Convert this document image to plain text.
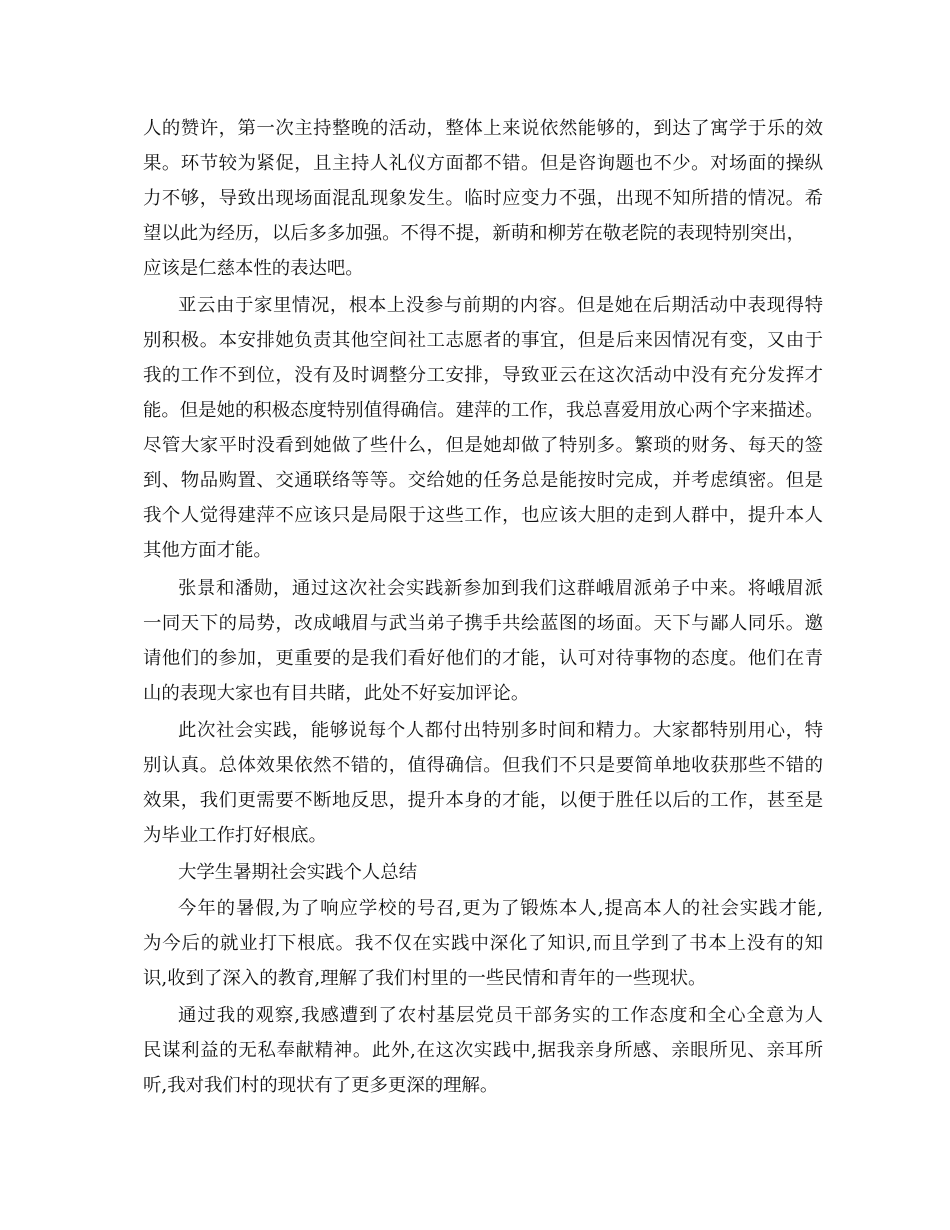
人的赞许，第一次主持整晚的活动，整体上来说依然能够的，到达了寓学于乐的效
果。环节较为紧促，且主持人礼仪方面都不错。但是咨询题也不少。对场面的操纵
力不够，导致出现场面混乱现象发生。临时应变力不强，出现不知所措的情况。希
望以此为经历，以后多多加强。不得不提，新萌和柳芳在敬老院的表现特别突出，
应该是仁慈本性的表达吧。
亚云由于家里情况，根本上没参与前期的内容。但是她在后期活动中表现得特
别积极。本安排她负责其他空间社工志愿者的事宜，但是后来因情况有变，又由于
我的工作不到位，没有及时调整分工安排，导致亚云在这次活动中没有充分发挥才
能。但是她的积极态度特别值得确信。建萍的工作，我总喜爱用放心两个字来描述。
尽管大家平时没看到她做了些什么，但是她却做了特别多。繁琐的财务、每天的签
到、物品购置、交通联络等等。交给她的任务总是能按时完成，并考虑缜密。但是
我个人觉得建萍不应该只是局限于这些工作，也应该大胆的走到人群中，提升本人
其他方面才能。
张景和潘勋，通过这次社会实践新参加到我们这群峨眉派弟子中来。将峨眉派
一同天下的局势，改成峨眉与武当弟子携手共绘蓝图的场面。天下与鄙人同乐。邀
请他们的参加，更重要的是我们看好他们的才能，认可对待事物的态度。他们在青
山的表现大家也有目共睹，此处不好妄加评论。
此次社会实践，能够说每个人都付出特别多时间和精力。大家都特别用心，特
别认真。总体效果依然不错的，值得确信。但我们不只是要简单地收获那些不错的
效果，我们更需要不断地反思，提升本身的才能，以便于胜任以后的工作，甚至是
为毕业工作打好根底。
大学生暑期社会实践个人总结
今年的暑假,为了响应学校的号召,更为了锻炼本人,提高本人的社会实践才能,
为今后的就业打下根底。我不仅在实践中深化了知识,而且学到了书本上没有的知
识,收到了深入的教育,理解了我们村里的一些民情和青年的一些现状。
通过我的观察,我感遭到了农村基层党员干部务实的工作态度和全心全意为人
民谋利益的无私奉献精神。此外,在这次实践中,据我亲身所感、亲眼所见、亲耳所
听,我对我们村的现状有了更多更深的理解。
